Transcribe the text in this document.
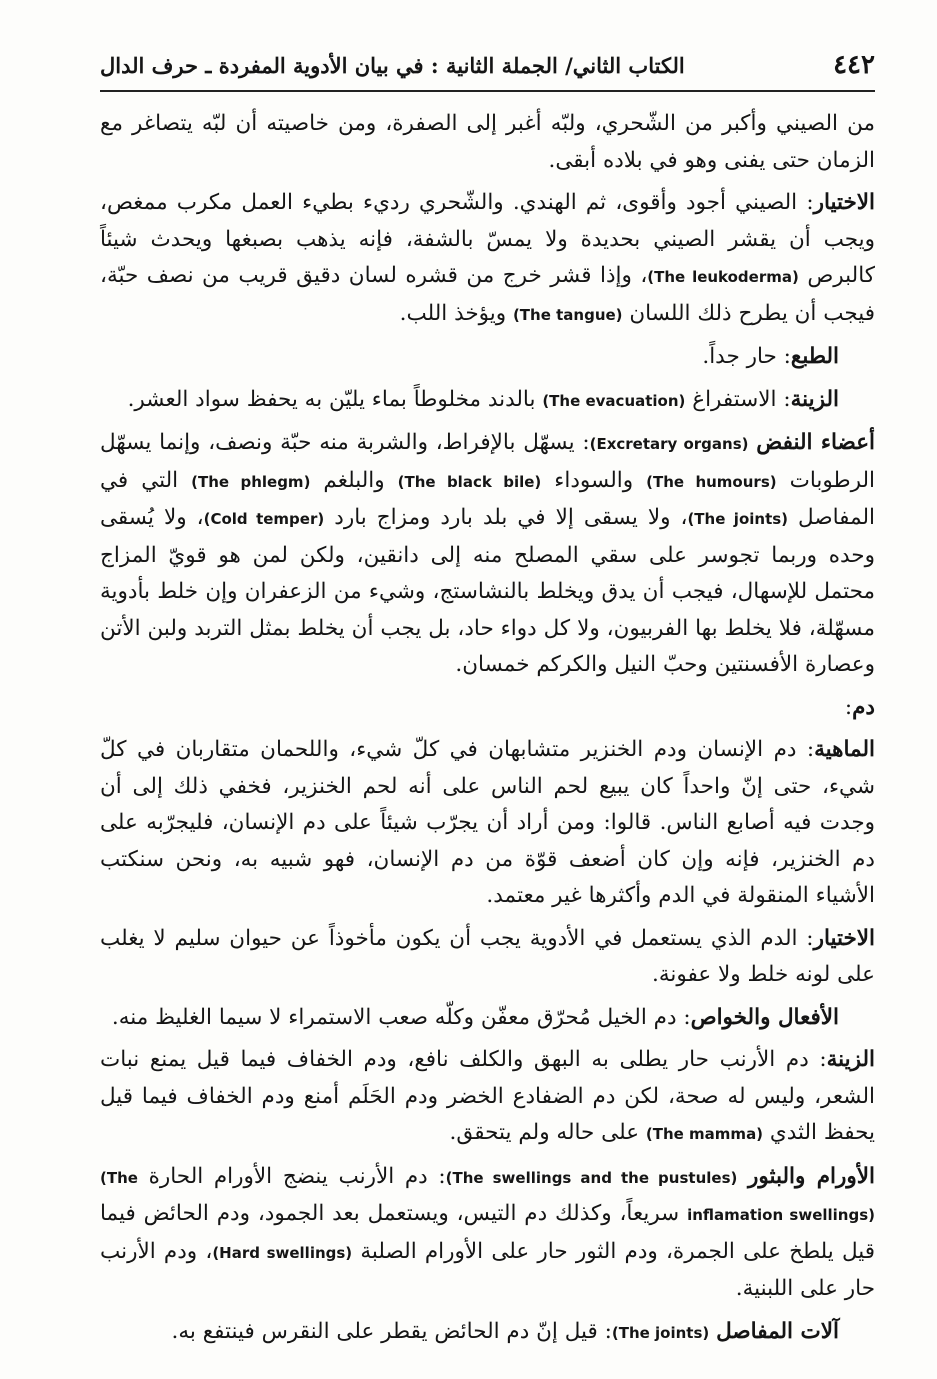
٤٤٢
الكتاب الثاني/ الجملة الثانية : في بيان الأدوية المفردة ـ حرف الدال

من الصيني وأكبر من الشّحري، ولبّه أغبر إلى الصفرة، ومن خاصيته أن لبّه يتصاغر مع الزمان حتى يفنى وهو في بلاده أبقى.

الاختيار: الصيني أجود وأقوى، ثم الهندي. والشّحري رديء بطيء العمل مكرب ممغص، ويجب أن يقشر الصيني بحديدة ولا يمسّ بالشفة، فإنه يذهب بصبغها ويحدث شيئاً كالبرص (The leukoderma)، وإذا قشر خرج من قشره لسان دقيق قريب من نصف حبّة، فيجب أن يطرح ذلك اللسان (The tangue) ويؤخذ اللب.

الطبع: حار جداً.

الزينة: الاستفراغ (The evacuation) بالدند مخلوطاً بماء يليّن به يحفظ سواد العشر.

أعضاء النفض (Excretary organs): يسهّل بالإفراط، والشربة منه حبّة ونصف، وإنما يسهّل الرطوبات (The humours) والسوداء (The black bile) والبلغم (The phlegm) التي في المفاصل (The joints)، ولا يسقى إلا في بلد بارد ومزاج بارد (Cold temper)، ولا يُسقى وحده وربما تجوسر على سقي المصلح منه إلى دانقين، ولكن لمن هو قويّ المزاج محتمل للإسهال، فيجب أن يدق ويخلط بالنشاستج، وشيء من الزعفران وإن خلط بأدوية مسهّلة، فلا يخلط بها الفربيون، ولا كل دواء حاد، بل يجب أن يخلط بمثل التربد ولبن الأتن وعصارة الأفسنتين وحبّ النيل والكركم خمسان.

دم:

الماهية: دم الإنسان ودم الخنزير متشابهان في كلّ شيء، واللحمان متقاربان في كلّ شيء، حتى إنّ واحداً كان يبيع لحم الناس على أنه لحم الخنزير، فخفي ذلك إلى أن وجدت فيه أصابع الناس. قالوا: ومن أراد أن يجرّب شيئاً على دم الإنسان، فليجرّبه على دم الخنزير، فإنه وإن كان أضعف قوّة من دم الإنسان، فهو شبيه به، ونحن سنكتب الأشياء المنقولة في الدم وأكثرها غير معتمد.

الاختيار: الدم الذي يستعمل في الأدوية يجب أن يكون مأخوذاً عن حيوان سليم لا يغلب على لونه خلط ولا عفونة.

الأفعال والخواص: دم الخيل مُحرّق معفّن وكلّه صعب الاستمراء لا سيما الغليظ منه.

الزينة: دم الأرنب حار يطلى به البهق والكلف نافع، ودم الخفاف فيما قيل يمنع نبات الشعر، وليس له صحة، لكن دم الضفادع الخضر ودم الحَلَم أمنع ودم الخفاف فيما قيل يحفظ الثدي (The mamma) على حاله ولم يتحقق.

الأورام والبثور (The swellings and the pustules): دم الأرنب ينضج الأورام الحارة (The inflamation swellings) سريعاً، وكذلك دم التيس، ويستعمل بعد الجمود، ودم الحائض فيما قيل يلطخ على الجمرة، ودم الثور حار على الأورام الصلبة (Hard swellings)، ودم الأرنب حار على اللبنية.

آلات المفاصل (The joints): قيل إنّ دم الحائض يقطر على النقرس فينتفع به.
